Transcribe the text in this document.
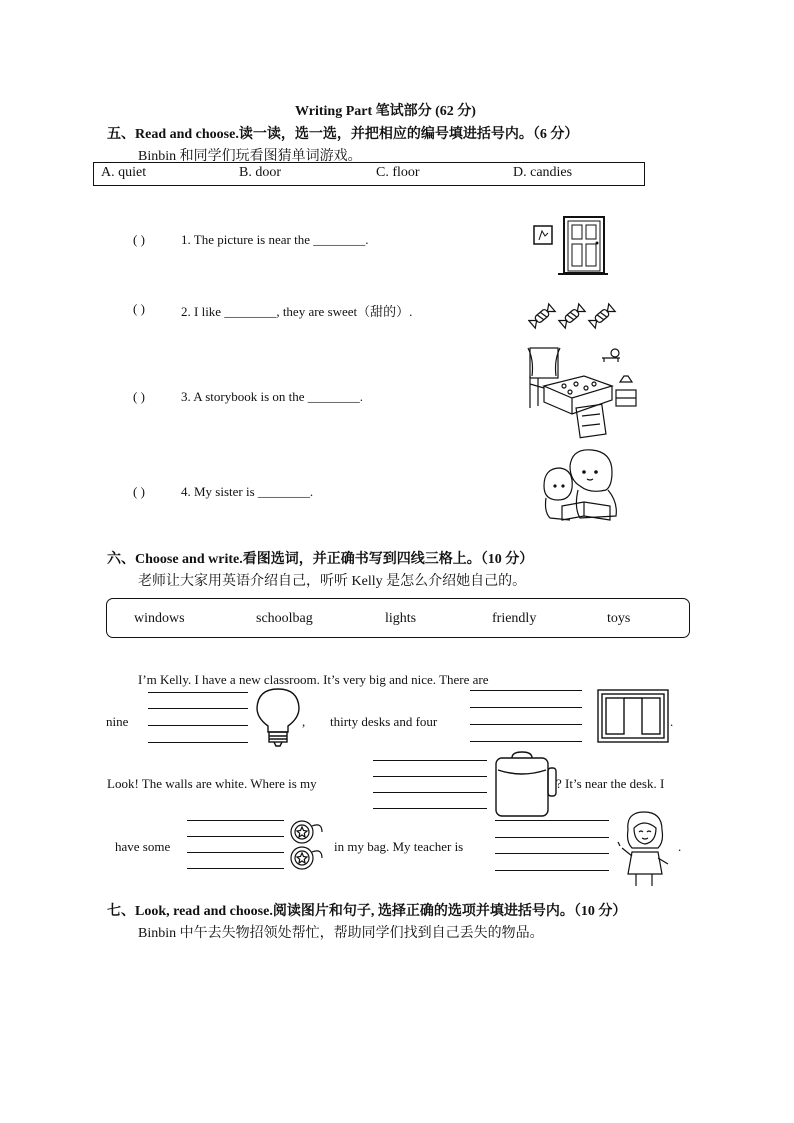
Writing Part 笔试部分 (62 分)
五、Read and choose.读一读，选一选，并把相应的编号填进括号内。（6 分）
Binbin 和同学们玩看图猜单词游戏。
A. quiet	B. door	C. floor	D. candies
( )	1. The picture is near the ________.
( )	2. I like ________, they are sweet（甜的）.
( )	3. A storybook is on the ________.
( )	4. My sister is ________.
六、Choose and write.看图选词，并正确书写到四线三格上。（10 分）
老师让大家用英语介绍自己，听听 Kelly 是怎么介绍她自己的。
windows	schoolbag	lights	friendly	toys
I’m Kelly. I have a new classroom. It’s very big and nice. There are
nine	, thirty desks and four	.
Look! The walls are white. Where is my	? It’s near the desk. I
have some	in my bag. My teacher is	.
七、Look, read and choose.阅读图片和句子, 选择正确的选项并填进括号内。（10 分）
Binbin 中午去失物招领处帮忙，帮助同学们找到自己丢失的物品。
